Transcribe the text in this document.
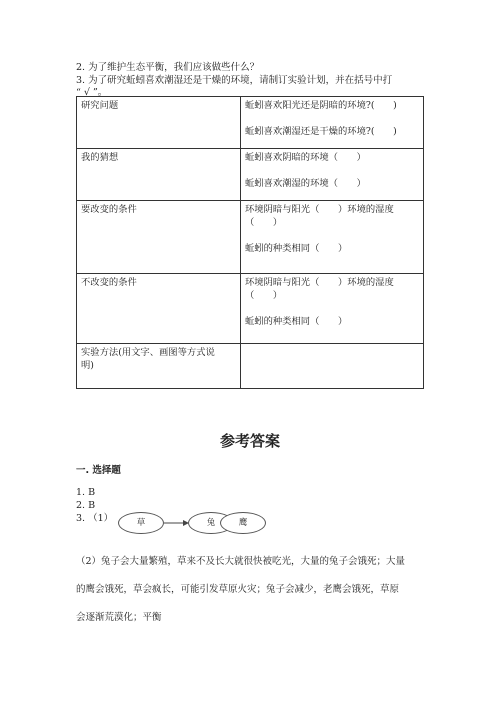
2. 为了维护生态平衡，我们应该做些什么？
3. 为了研究蚯蚓喜欢潮湿还是干燥的环境，请制订实验计划，并在括号中打
“ √ ”。
研究问题	蚯蚓喜欢阳光还是阴暗的环境?(　　)
蚯蚓喜欢潮湿还是干燥的环境?(　　)

我的猜想	蚯蚓喜欢阴暗的环境（　　）
蚯蚓喜欢潮湿的环境（　　）

要改变的条件	环境阴暗与阳光（　　）环境的湿度
（　　）
蚯蚓的种类相同（　　）

不改变的条件	环境阴暗与阳光（　　）环境的湿度
（　　）
蚯蚓的种类相同（　　）

实验方法(用文字、画图等方式说
明)	

参考答案
一. 选择题
1. B
2. B
3. （1）	草	兔	鹰
（2）兔子会大量繁殖，草来不及长大就很快被吃光，大量的兔子会饿死；大量
的鹰会饿死，草会疯长，可能引发草原火灾；兔子会减少，老鹰会饿死，草原
会逐渐荒漠化；平衡
